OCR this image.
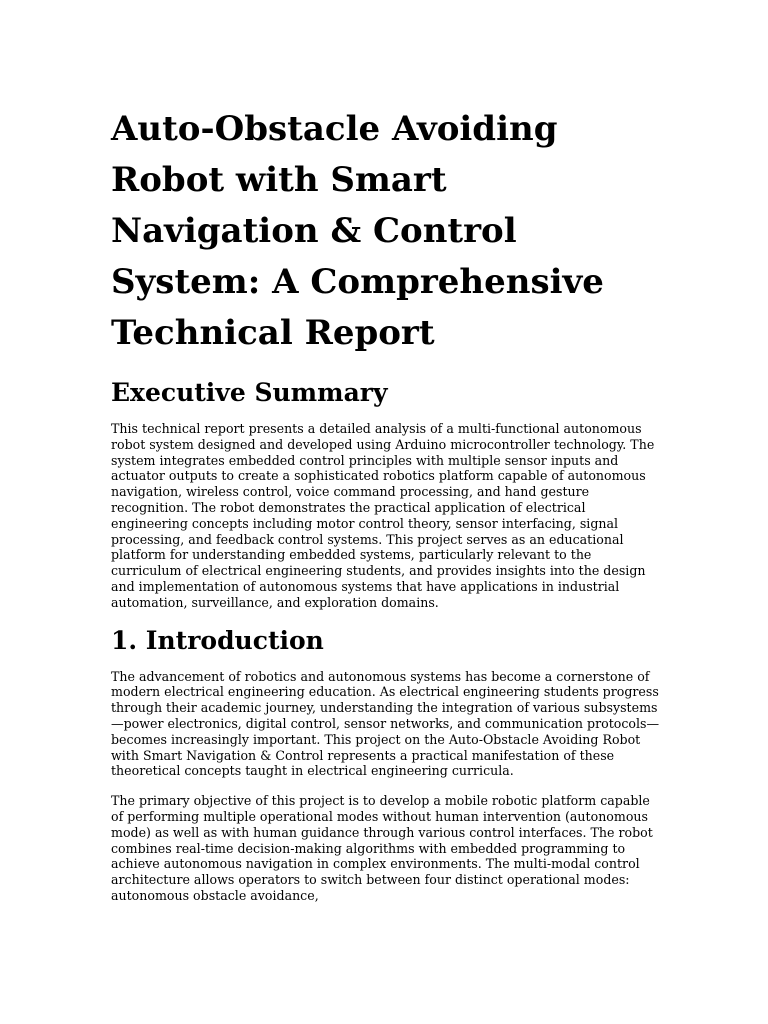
Auto-Obstacle Avoiding Robot with Smart Navigation & Control System: A Comprehensive Technical Report
Executive Summary

This technical report presents a detailed analysis of a multi-functional autonomous robot system designed and developed using Arduino microcontroller technology. The system integrates embedded control principles with multiple sensor inputs and actuator outputs to create a sophisticated robotics platform capable of autonomous navigation, wireless control, voice command processing, and hand gesture recognition. The robot demonstrates the practical application of electrical engineering concepts including motor control theory, sensor interfacing, signal processing, and feedback control systems. This project serves as an educational platform for understanding embedded systems, particularly relevant to the curriculum of electrical engineering students, and provides insights into the design and implementation of autonomous systems that have applications in industrial automation, surveillance, and exploration domains.

1. Introduction

The advancement of robotics and autonomous systems has become a cornerstone of modern electrical engineering education. As electrical engineering students progress through their academic journey, understanding the integration of various subsystems—power electronics, digital control, sensor networks, and communication protocols—becomes increasingly important. This project on the Auto-Obstacle Avoiding Robot with Smart Navigation & Control represents a practical manifestation of these theoretical concepts taught in electrical engineering curricula.

The primary objective of this project is to develop a mobile robotic platform capable of performing multiple operational modes without human intervention (autonomous mode) as well as with human guidance through various control interfaces. The robot combines real-time decision-making algorithms with embedded programming to achieve autonomous navigation in complex environments. The multi-modal control architecture allows operators to switch between four distinct operational modes: autonomous obstacle avoidance,
